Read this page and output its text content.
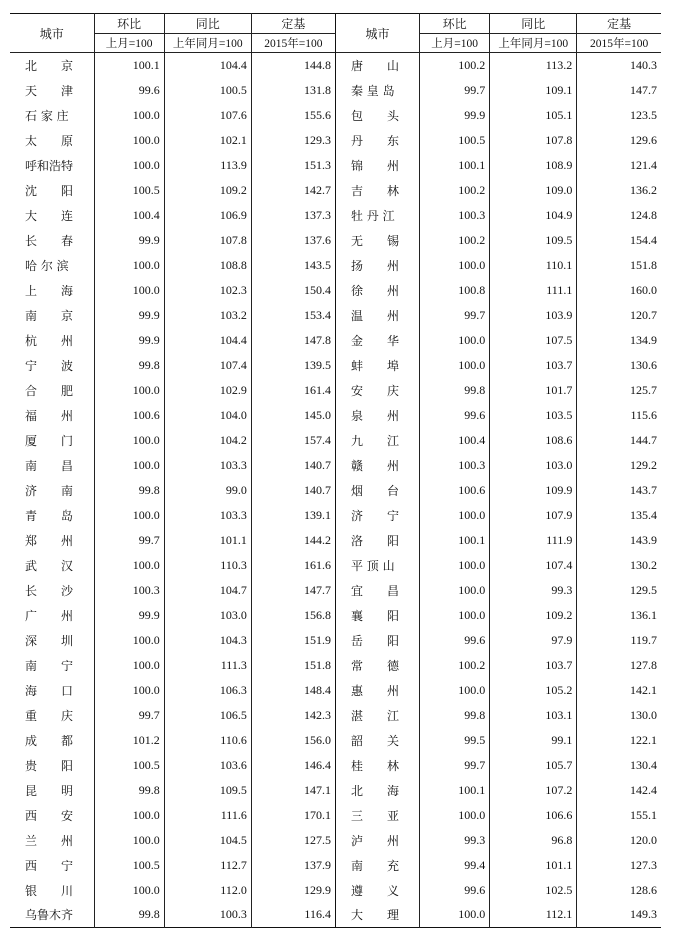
城市	环比	同比	定基	城市	环比	同比	定基
	上月=100	上年同月=100	2015年=100		上月=100	上年同月=100	2015年=100
北　　京	100.1	104.4	144.8	唐　　山	100.2	113.2	140.3
天　　津	99.6	100.5	131.8	秦 皇 岛	99.7	109.1	147.7
石 家 庄	100.0	107.6	155.6	包　　头	99.9	105.1	123.5
太　　原	100.0	102.1	129.3	丹　　东	100.5	107.8	129.6
呼和浩特	100.0	113.9	151.3	锦　　州	100.1	108.9	121.4
沈　　阳	100.5	109.2	142.7	吉　　林	100.2	109.0	136.2
大　　连	100.4	106.9	137.3	牡 丹 江	100.3	104.9	124.8
长　　春	99.9	107.8	137.6	无　　锡	100.2	109.5	154.4
哈 尔 滨	100.0	108.8	143.5	扬　　州	100.0	110.1	151.8
上　　海	100.0	102.3	150.4	徐　　州	100.8	111.1	160.0
南　　京	99.9	103.2	153.4	温　　州	99.7	103.9	120.7
杭　　州	99.9	104.4	147.8	金　　华	100.0	107.5	134.9
宁　　波	99.8	107.4	139.5	蚌　　埠	100.0	103.7	130.6
合　　肥	100.0	102.9	161.4	安　　庆	99.8	101.7	125.7
福　　州	100.6	104.0	145.0	泉　　州	99.6	103.5	115.6
厦　　门	100.0	104.2	157.4	九　　江	100.4	108.6	144.7
南　　昌	100.0	103.3	140.7	赣　　州	100.3	103.0	129.2
济　　南	99.8	99.0	140.7	烟　　台	100.6	109.9	143.7
青　　岛	100.0	103.3	139.1	济　　宁	100.0	107.9	135.4
郑　　州	99.7	101.1	144.2	洛　　阳	100.1	111.9	143.9
武　　汉	100.0	110.3	161.6	平 顶 山	100.0	107.4	130.2
长　　沙	100.3	104.7	147.7	宜　　昌	100.0	99.3	129.5
广　　州	99.9	103.0	156.8	襄　　阳	100.0	109.2	136.1
深　　圳	100.0	104.3	151.9	岳　　阳	99.6	97.9	119.7
南　　宁	100.0	111.3	151.8	常　　德	100.2	103.7	127.8
海　　口	100.0	106.3	148.4	惠　　州	100.0	105.2	142.1
重　　庆	99.7	106.5	142.3	湛　　江	99.8	103.1	130.0
成　　都	101.2	110.6	156.0	韶　　关	99.5	99.1	122.1
贵　　阳	100.5	103.6	146.4	桂　　林	99.7	105.7	130.4
昆　　明	99.8	109.5	147.1	北　　海	100.1	107.2	142.4
西　　安	100.0	111.6	170.1	三　　亚	100.0	106.6	155.1
兰　　州	100.0	104.5	127.5	泸　　州	99.3	96.8	120.0
西　　宁	100.5	112.7	137.9	南　　充	99.4	101.1	127.3
银　　川	100.0	112.0	129.9	遵　　义	99.6	102.5	128.6
乌鲁木齐	99.8	100.3	116.4	大　　理	100.0	112.1	149.3
